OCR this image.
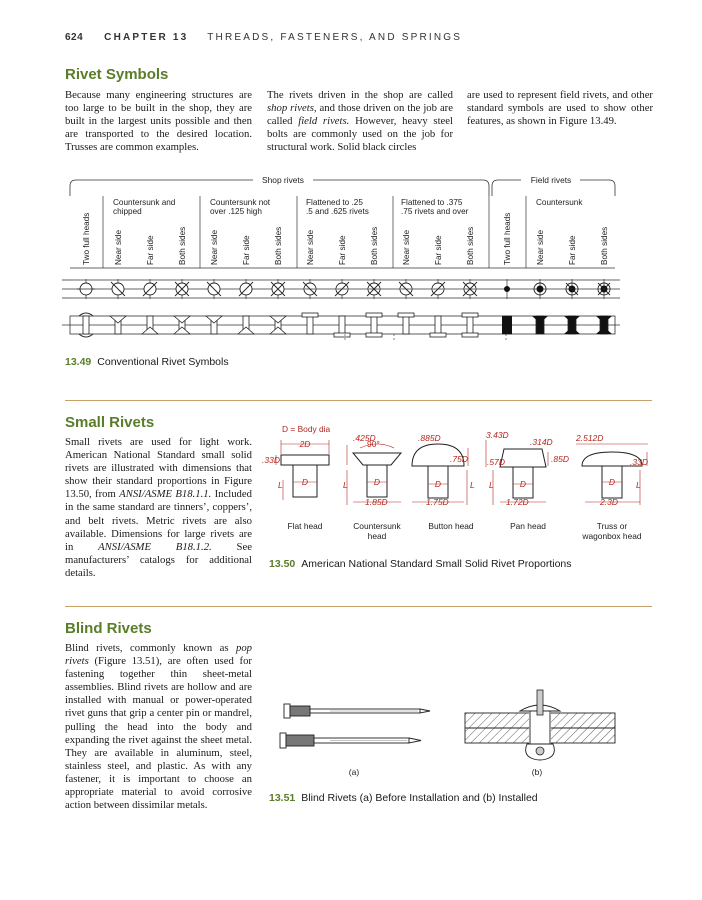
624 CHAPTER 13 THREADS, FASTENERS, AND SPRINGS
Rivet Symbols
Because many engineering structures are too large to be built in the shop, they are built in the largest units possible and then are transported to the desired location. Trusses are common examples.
The rivets driven in the shop are called shop rivets, and those driven on the job are called field rivets. However, heavy steel bolts are commonly used on the job for structural work. Solid black circles
are used to represent field rivets, and other standard symbols are used to show other features, as shown in Figure 13.49.
Shop rivets	Field rivets
Countersunk and
chipped
Countersunk not
over .125 high
Flattened to .25
.5 and .625 rivets
Flattened to .375
.75 rivets and over
Countersunk
Two full heads	Near side	Far side	Both sides	Near side	Far side	Both sides	Near side	Far side	Both sides	Near side	Far side	Both sides	Two full heads	Near side	Far side	Both sides
13.49 Conventional Rivet Symbols
Small Rivets
Small rivets are used for light work. American National Standard small solid rivets are illustrated with dimensions that show their standard proportions in Figure 13.50, from ANSI/ASME B18.1.1. Included in the same standard are tinners’, coppers’, and belt rivets. Metric rivets are also available. Dimensions for large rivets are in ANSI/ASME B18.1.2. See manufacturers’ catalogs for additional details.
D = Body dia
2D
.33D
D
L
.425D
90°
D
1.85D
L
.885D
.75D
D
1.75D
L
3.43D
.314D
.57D	.85D
D
1.72D
L
2.512D
.33D
D
2.3D
L
Flat head	Countersunk
head
Button head	Pan head	Truss or
wagonbox head
13.50 American National Standard Small Solid Rivet Proportions
Blind Rivets
Blind rivets, commonly known as pop rivets (Figure 13.51), are often used for fastening together thin sheet-metal assemblies. Blind rivets are hollow and are installed with manual or power-operated rivet guns that grip a center pin or mandrel, pulling the head into the body and expanding the rivet against the sheet metal. They are available in aluminum, steel, stainless steel, and plastic. As with any fastener, it is important to choose an appropriate material to avoid corrosive action between dissimilar metals.
(a)	(b)
13.51 Blind Rivets (a) Before Installation and (b) Installed
